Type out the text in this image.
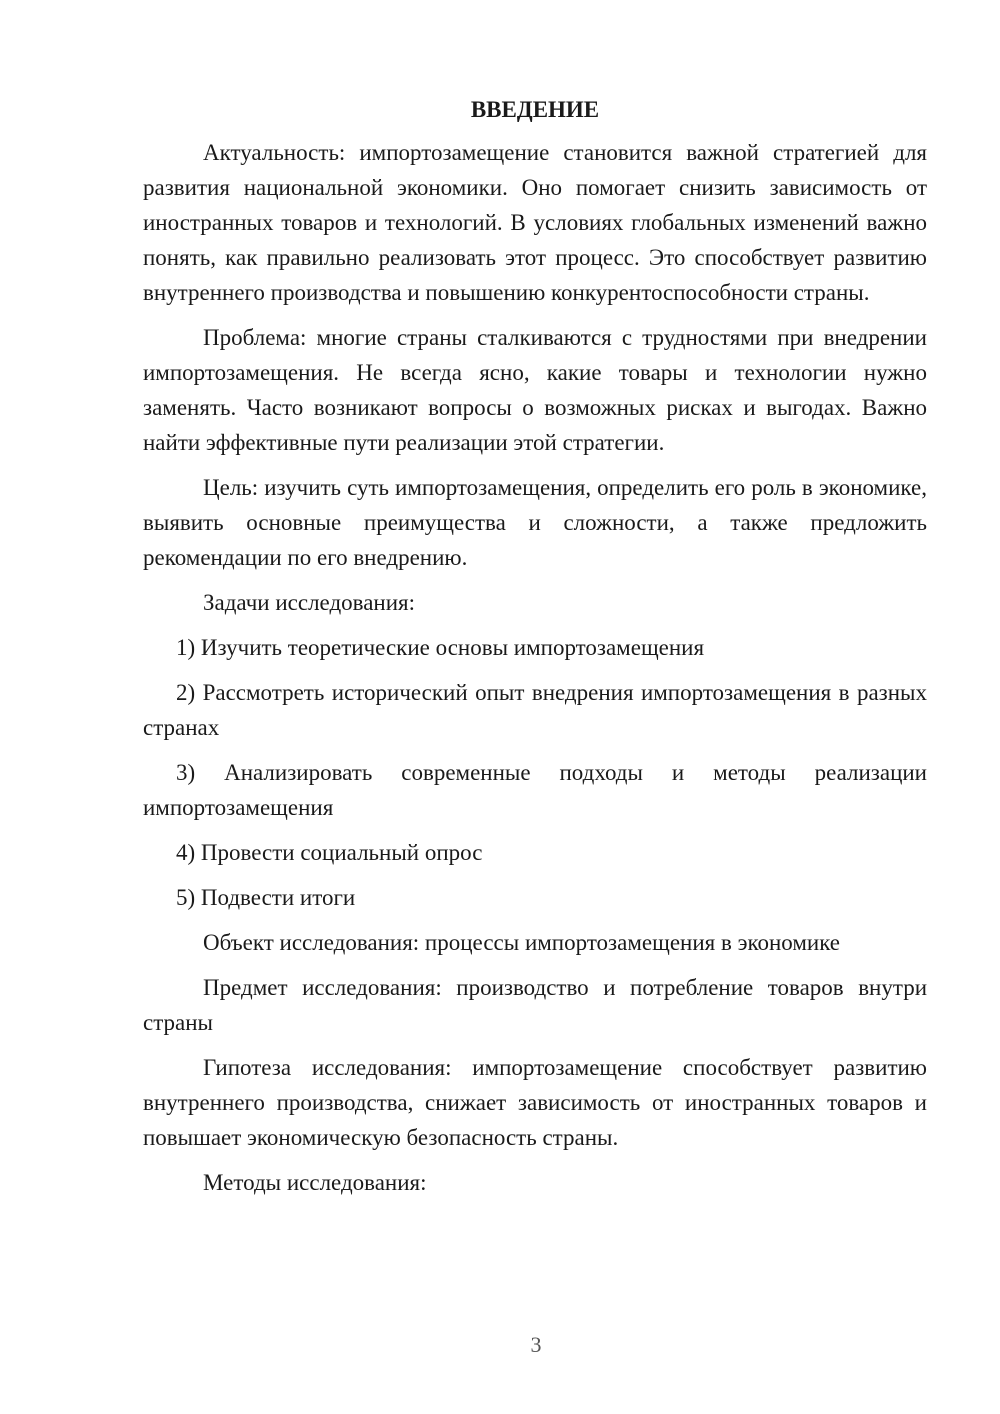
ВВЕДЕНИЕ

Актуальность: импортозамещение становится важной стратегией для развития национальной экономики. Оно помогает снизить зависимость от иностранных товаров и технологий. В условиях глобальных изменений важно понять, как правильно реализовать этот процесс. Это способствует развитию внутреннего производства и повышению конкурентоспособности страны.

Проблема: многие страны сталкиваются с трудностями при внедрении импортозамещения. Не всегда ясно, какие товары и технологии нужно заменять. Часто возникают вопросы о возможных рисках и выгодах. Важно найти эффективные пути реализации этой стратегии.

Цель: изучить суть импортозамещения, определить его роль в экономике, выявить основные преимущества и сложности, а также предложить рекомендации по его внедрению.

Задачи исследования:

1) Изучить теоретические основы импортозамещения

2) Рассмотреть исторический опыт внедрения импортозамещения в разных странах

3) Анализировать современные подходы и методы реализации импортозамещения

4) Провести социальный опрос

5) Подвести итоги

Объект исследования: процессы импортозамещения в экономике

Предмет исследования: производство и потребление товаров внутри страны

Гипотеза исследования: импортозамещение способствует развитию внутреннего производства, снижает зависимость от иностранных товаров и повышает экономическую безопасность страны.

Методы исследования:

3
